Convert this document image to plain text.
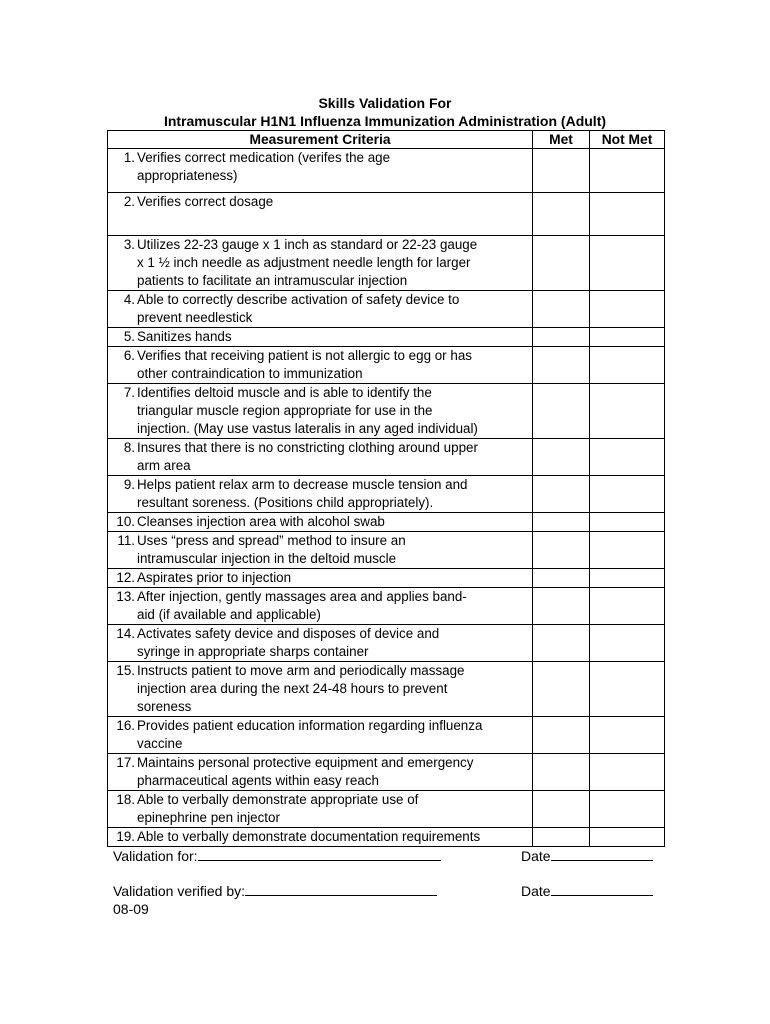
Skills Validation For
Intramuscular H1N1 Influenza Immunization Administration (Adult)
Measurement Criteria	Met	Not Met

1. Verifies correct medication (verifes the age
appropriateness)		

2. Verifies correct dosage		

3. Utilizes 22-23 gauge x 1 inch as standard or 22-23 gauge
x 1 ½ inch needle as adjustment needle length for larger
patients to facilitate an intramuscular injection		

4. Able to correctly describe activation of safety device to
prevent needlestick		

5. Sanitizes hands		

6. Verifies that receiving patient is not allergic to egg or has
other contraindication to immunization		

7. Identifies deltoid muscle and is able to identify the
triangular muscle region appropriate for use in the
injection. (May use vastus lateralis in any aged individual)		

8. Insures that there is no constricting clothing around upper
arm area		

9. Helps patient relax arm to decrease muscle tension and
resultant soreness. (Positions child appropriately).		

10. Cleanses injection area with alcohol swab		

11. Uses “press and spread” method to insure an
intramuscular injection in the deltoid muscle		

12. Aspirates prior to injection		

13. After injection, gently massages area and applies band-
aid (if available and applicable)		

14. Activates safety device and disposes of device and
syringe in appropriate sharps container		

15. Instructs patient to move arm and periodically massage
injection area during the next 24-48 hours to prevent
soreness		

16. Provides patient education information regarding influenza
vaccine		

17. Maintains personal protective equipment and emergency
pharmaceutical agents within easy reach		

18. Able to verbally demonstrate appropriate use of
epinephrine pen injector		

19. Able to verbally demonstrate documentation requirements		

Validation for:	Date
Validation verified by:	Date
08-09
